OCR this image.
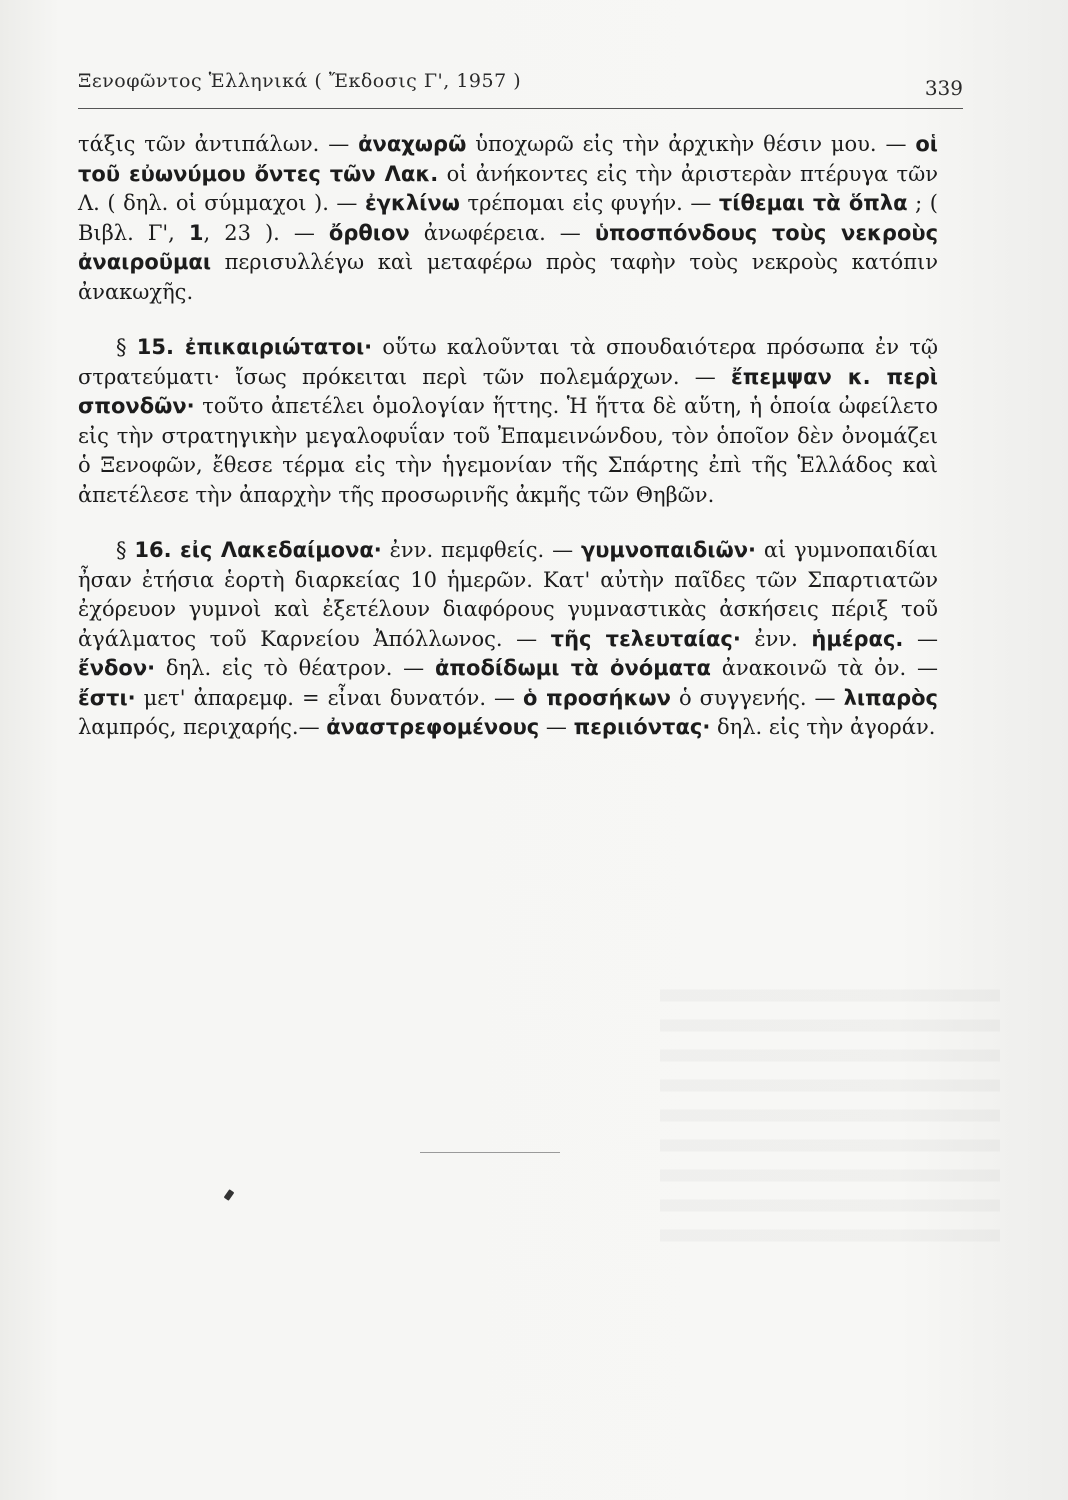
Ξενοφῶντος Ἑλληνικά ( Ἔκδοσις Γ', 1957 )	339

τάξις τῶν ἀντιπάλων. — ἀναχωρῶ ὑποχωρῶ εἰς τὴν ἀρχικὴν θέσιν μου. — οἱ τοῦ εὐωνύμου ὄντες τῶν Λακ. οἱ ἀνήκοντες εἰς τὴν ἀριστερὰν πτέρυγα τῶν Λ. ( δηλ. οἱ σύμμαχοι ). — ἐγκλίνω τρέπομαι εἰς φυγήν. — τίθεμαι τὰ ὅπλα ; ( Βιβλ. Γ', 1, 23 ). — ὄρθιον ἀνωφέρεια. — ὑποσπόνδους τοὺς νεκροὺς ἀναιροῦμαι περισυλλέγω καὶ μεταφέρω πρὸς ταφὴν τοὺς νεκροὺς κατόπιν ἀνακωχῆς.

§ 15. ἐπικαιριώτατοι· οὕτω καλοῦνται τὰ σπουδαιότερα πρόσωπα ἐν τῷ στρατεύματι· ἴσως πρόκειται περὶ τῶν πολεμάρχων. — ἔπεμψαν κ. περὶ σπονδῶν· τοῦτο ἀπετέλει ὁμολογίαν ἥττης. Ἡ ἥττα δὲ αὕτη, ἡ ὁποία ὠφείλετο εἰς τὴν στρατηγικὴν μεγαλοφυΐαν τοῦ Ἐπαμεινώνδου, τὸν ὁποῖον δὲν ὀνομάζει ὁ Ξενοφῶν, ἔθεσε τέρμα εἰς τὴν ἡγεμονίαν τῆς Σπάρτης ἐπὶ τῆς Ἑλλάδος καὶ ἀπετέλεσε τὴν ἀπαρχὴν τῆς προσωρινῆς ἀκμῆς τῶν Θηβῶν.

§ 16. εἰς Λακεδαίμονα· ἐνν. πεμφθείς. — γυμνοπαιδιῶν· αἱ γυμνοπαιδίαι ἦσαν ἐτήσια ἑορτὴ διαρκείας 10 ἡμερῶν. Κατ' αὐτὴν παῖδες τῶν Σπαρτιατῶν ἐχόρευον γυμνοὶ καὶ ἐξετέλουν διαφόρους γυμναστικὰς ἀσκήσεις πέριξ τοῦ ἀγάλματος τοῦ Καρνείου Ἀπόλλωνος. — τῆς τελευταίας· ἐνν. ἡμέρας. — ἔνδον· δηλ. εἰς τὸ θέατρον. — ἀποδίδωμι τὰ ὀνόματα ἀνακοινῶ τὰ ὀν. — ἔστι· μετ' ἀπαρεμφ. = εἶναι δυνατόν. — ὁ προσήκων ὁ συγγενής. — λιπαρὸς λαμπρός, περιχαρής.— ἀναστρεφομένους — περιιόντας· δηλ. εἰς τὴν ἀγοράν.
